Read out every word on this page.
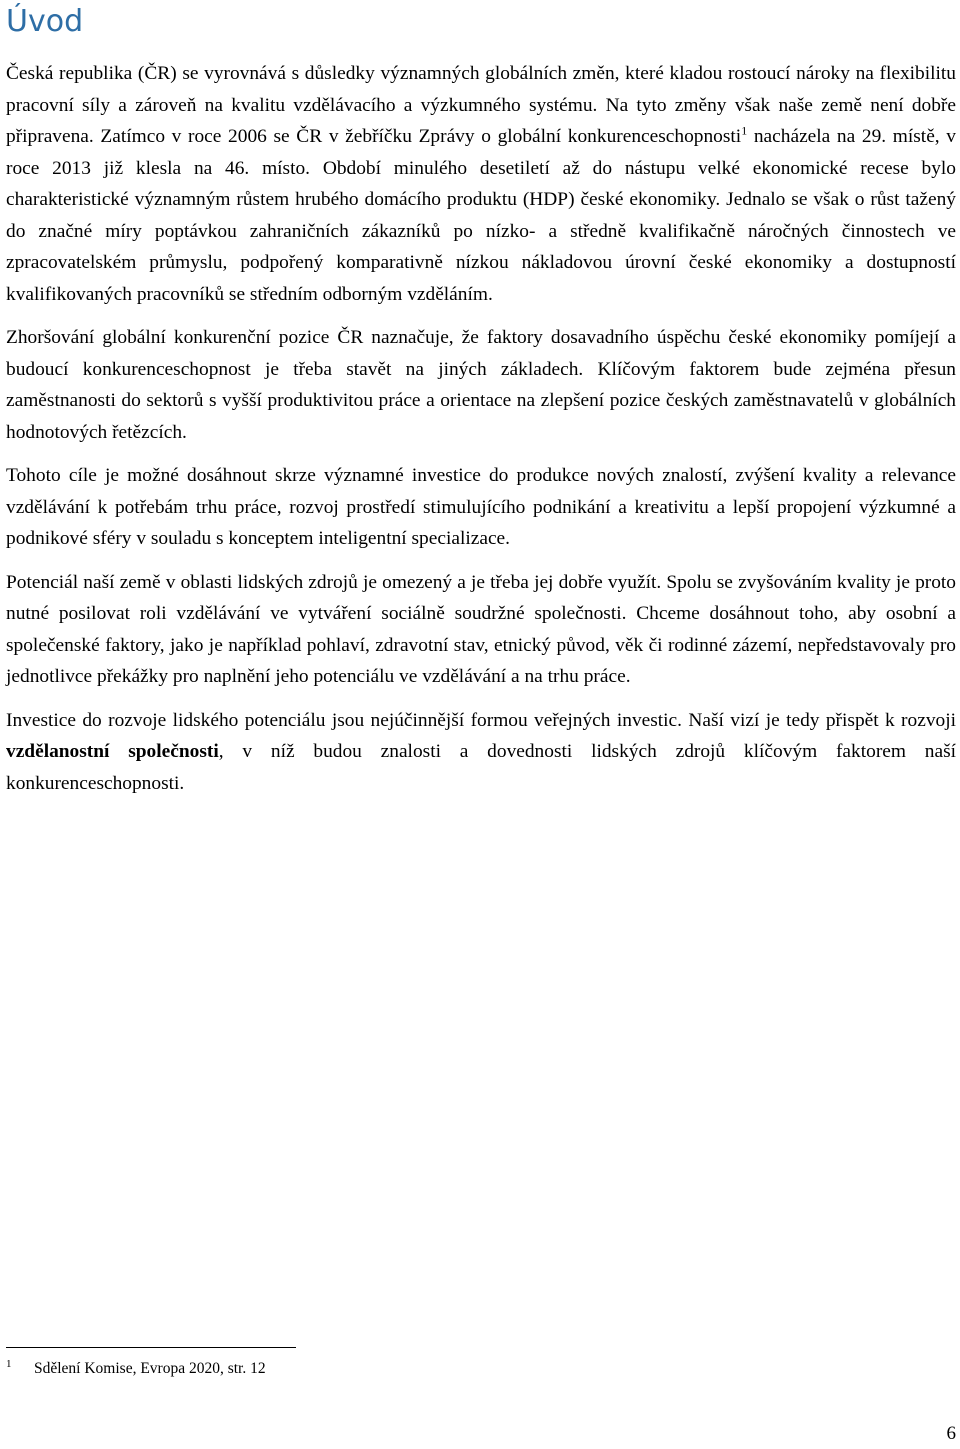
Úvod

Česká republika (ČR) se vyrovnává s důsledky významných globálních změn, které kladou rostoucí nároky na flexibilitu pracovní síly a zároveň na kvalitu vzdělávacího a výzkumného systému. Na tyto změny však naše země není dobře připravena. Zatímco v roce 2006 se ČR v žebříčku Zprávy o globální konkurenceschopnosti$^1$ nacházela na 29. místě, v roce 2013 již klesla na 46. místo. Období minulého desetiletí až do nástupu velké ekonomické recese bylo charakteristické významným růstem hrubého domácího produktu (HDP) české ekonomiky. Jednalo se však o růst tažený do značné míry poptávkou zahraničních zákazníků po nízko- a středně kvalifikačně náročných činnostech ve zpracovatelském průmyslu, podpořený komparativně nízkou nákladovou úrovní české ekonomiky a dostupností kvalifikovaných pracovníků se středním odborným vzděláním.

Zhoršování globální konkurenční pozice ČR naznačuje, že faktory dosavadního úspěchu české ekonomiky pomíjejí a budoucí konkurenceschopnost je třeba stavět na jiných základech. Klíčovým faktorem bude zejména přesun zaměstnanosti do sektorů s vyšší produktivitou práce a orientace na zlepšení pozice českých zaměstnavatelů v globálních hodnotových řetězcích.

Tohoto cíle je možné dosáhnout skrze významné investice do produkce nových znalostí, zvýšení kvality a relevance vzdělávání k potřebám trhu práce, rozvoj prostředí stimulujícího podnikání a kreativitu a lepší propojení výzkumné a podnikové sféry v souladu s konceptem inteligentní specializace.

Potenciál naší země v oblasti lidských zdrojů je omezený a je třeba jej dobře využít. Spolu se zvyšováním kvality je proto nutné posilovat roli vzdělávání ve vytváření sociálně soudržné společnosti. Chceme dosáhnout toho, aby osobní a společenské faktory, jako je například pohlaví, zdravotní stav, etnický původ, věk či rodinné zázemí, nepředstavovaly pro jednotlivce překážky pro naplnění jeho potenciálu ve vzdělávání a na trhu práce.

Investice do rozvoje lidského potenciálu jsou nejúčinnější formou veřejných investic. Naší vizí je tedy přispět k rozvoji vzdělanostní společnosti, v níž budou znalosti a dovednosti lidských zdrojů klíčovým faktorem naší konkurenceschopnosti.

1 Sdělení Komise, Evropa 2020, str. 12
6
